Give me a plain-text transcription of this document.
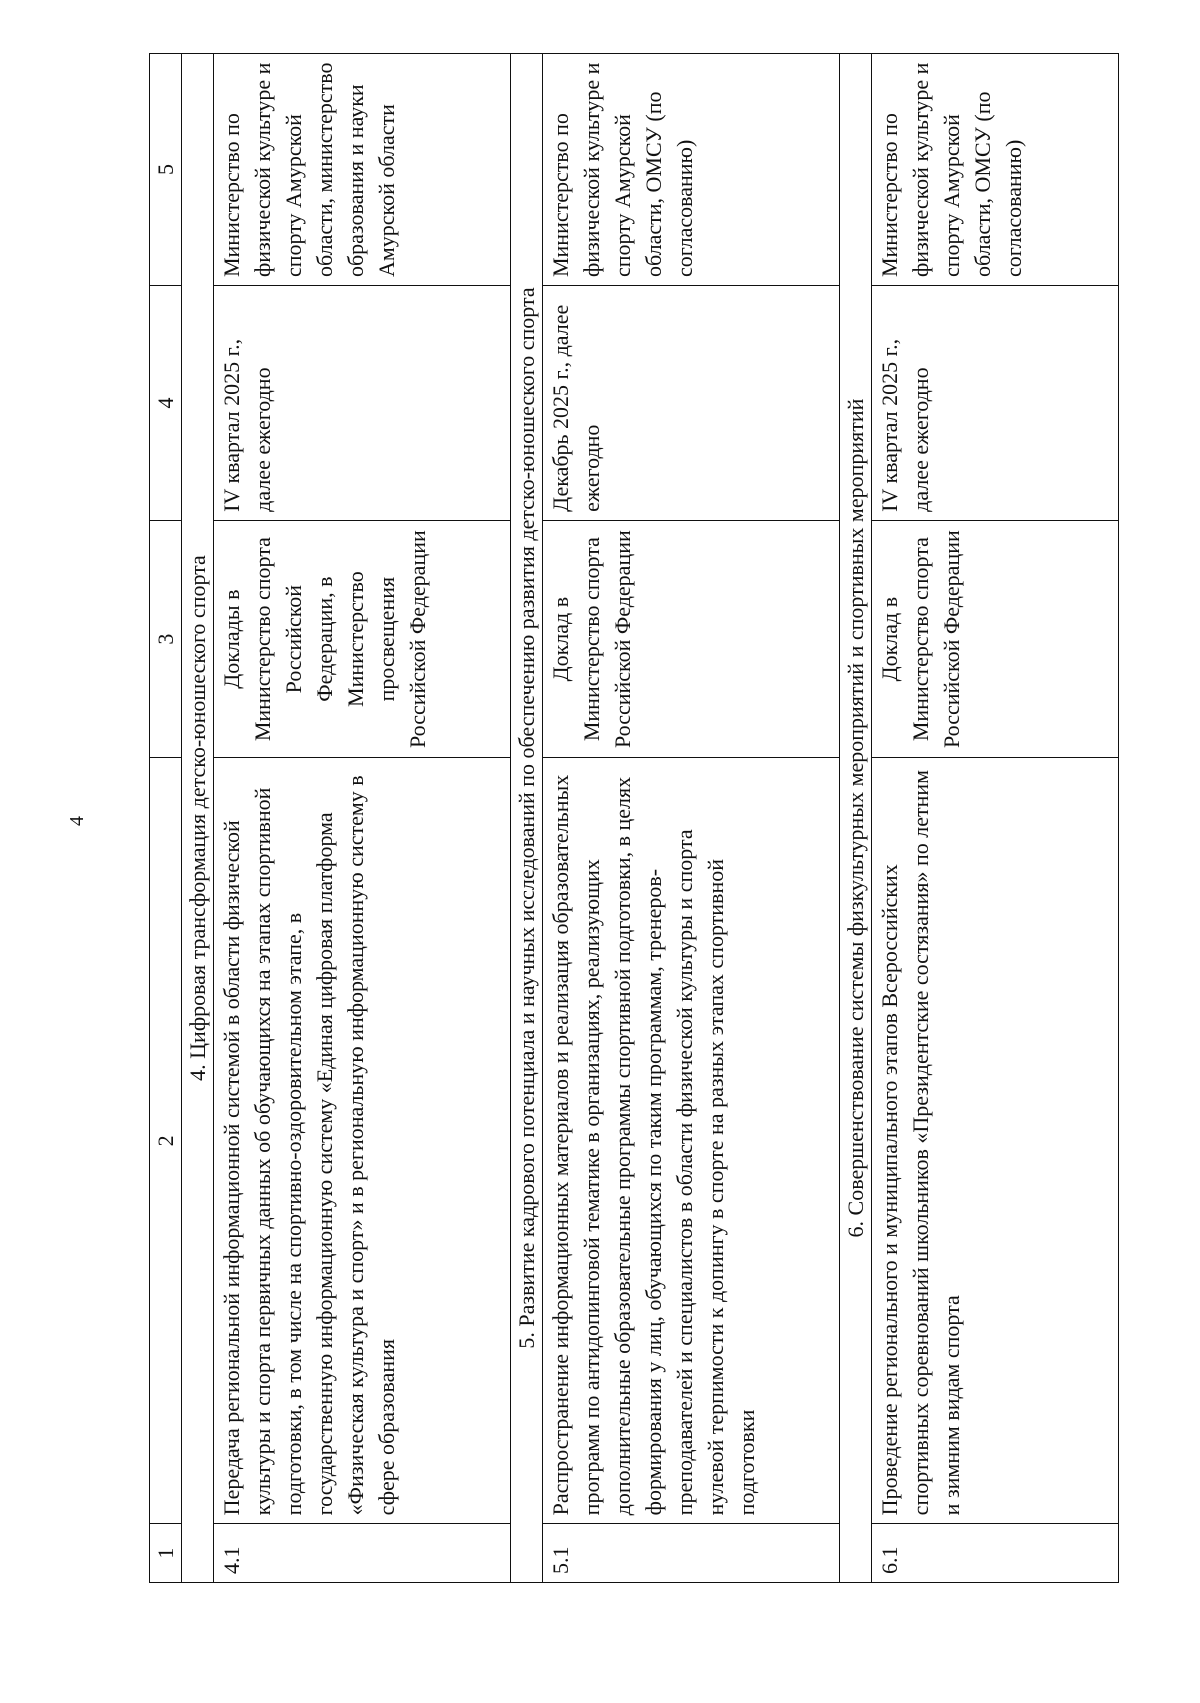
4
1	2	3	4	5
4. Цифровая трансформация детско-юношеского спорта				
4.1	Передача региональной информационной системой в области физической культуры и спорта первичных данных об обучающихся на этапах спортивной подготовки, в том числе на спортивно-оздоровительном этапе, в государственную информационную систему «Единая цифровая платформа «Физическая культура и спорт» и в региональную информационную систему в сфере образования	Доклады в Министерство спорта Российской Федерации, в Министерство просвещения Российской Федерации	IV квартал 2025 г., далее ежегодно	Министерство по физической культуре и спорту Амурской области, министерство образования и науки Амурской области
5. Развитие кадрового потенциала и научных исследований по обеспечению развития детско-юношеского спорта				
5.1	Распространение информационных материалов и реализация образовательных программ по антидопинговой тематике в организациях, реализующих дополнительные образовательные программы спортивной подготовки, в целях формирования у лиц, обучающихся по таким программам, тренеров-преподавателей и специалистов в области физической культуры и спорта нулевой терпимости к допингу в спорте на разных этапах спортивной подготовки	Доклад в Министерство спорта Российской Федерации	Декабрь 2025 г., далее ежегодно	Министерство по физической культуре и спорту Амурской области, ОМСУ (по согласованию)
6. Совершенствование системы физкультурных мероприятий и спортивных мероприятий				
6.1	Проведение регионального и муниципального этапов Всероссийских спортивных соревнований школьников «Президентские состязания» по летним и зимним видам спорта	Доклад в Министерство спорта Российской Федерации	IV квартал 2025 г., далее ежегодно	Министерство по физической культуре и спорту Амурской области, ОМСУ (по согласованию)
